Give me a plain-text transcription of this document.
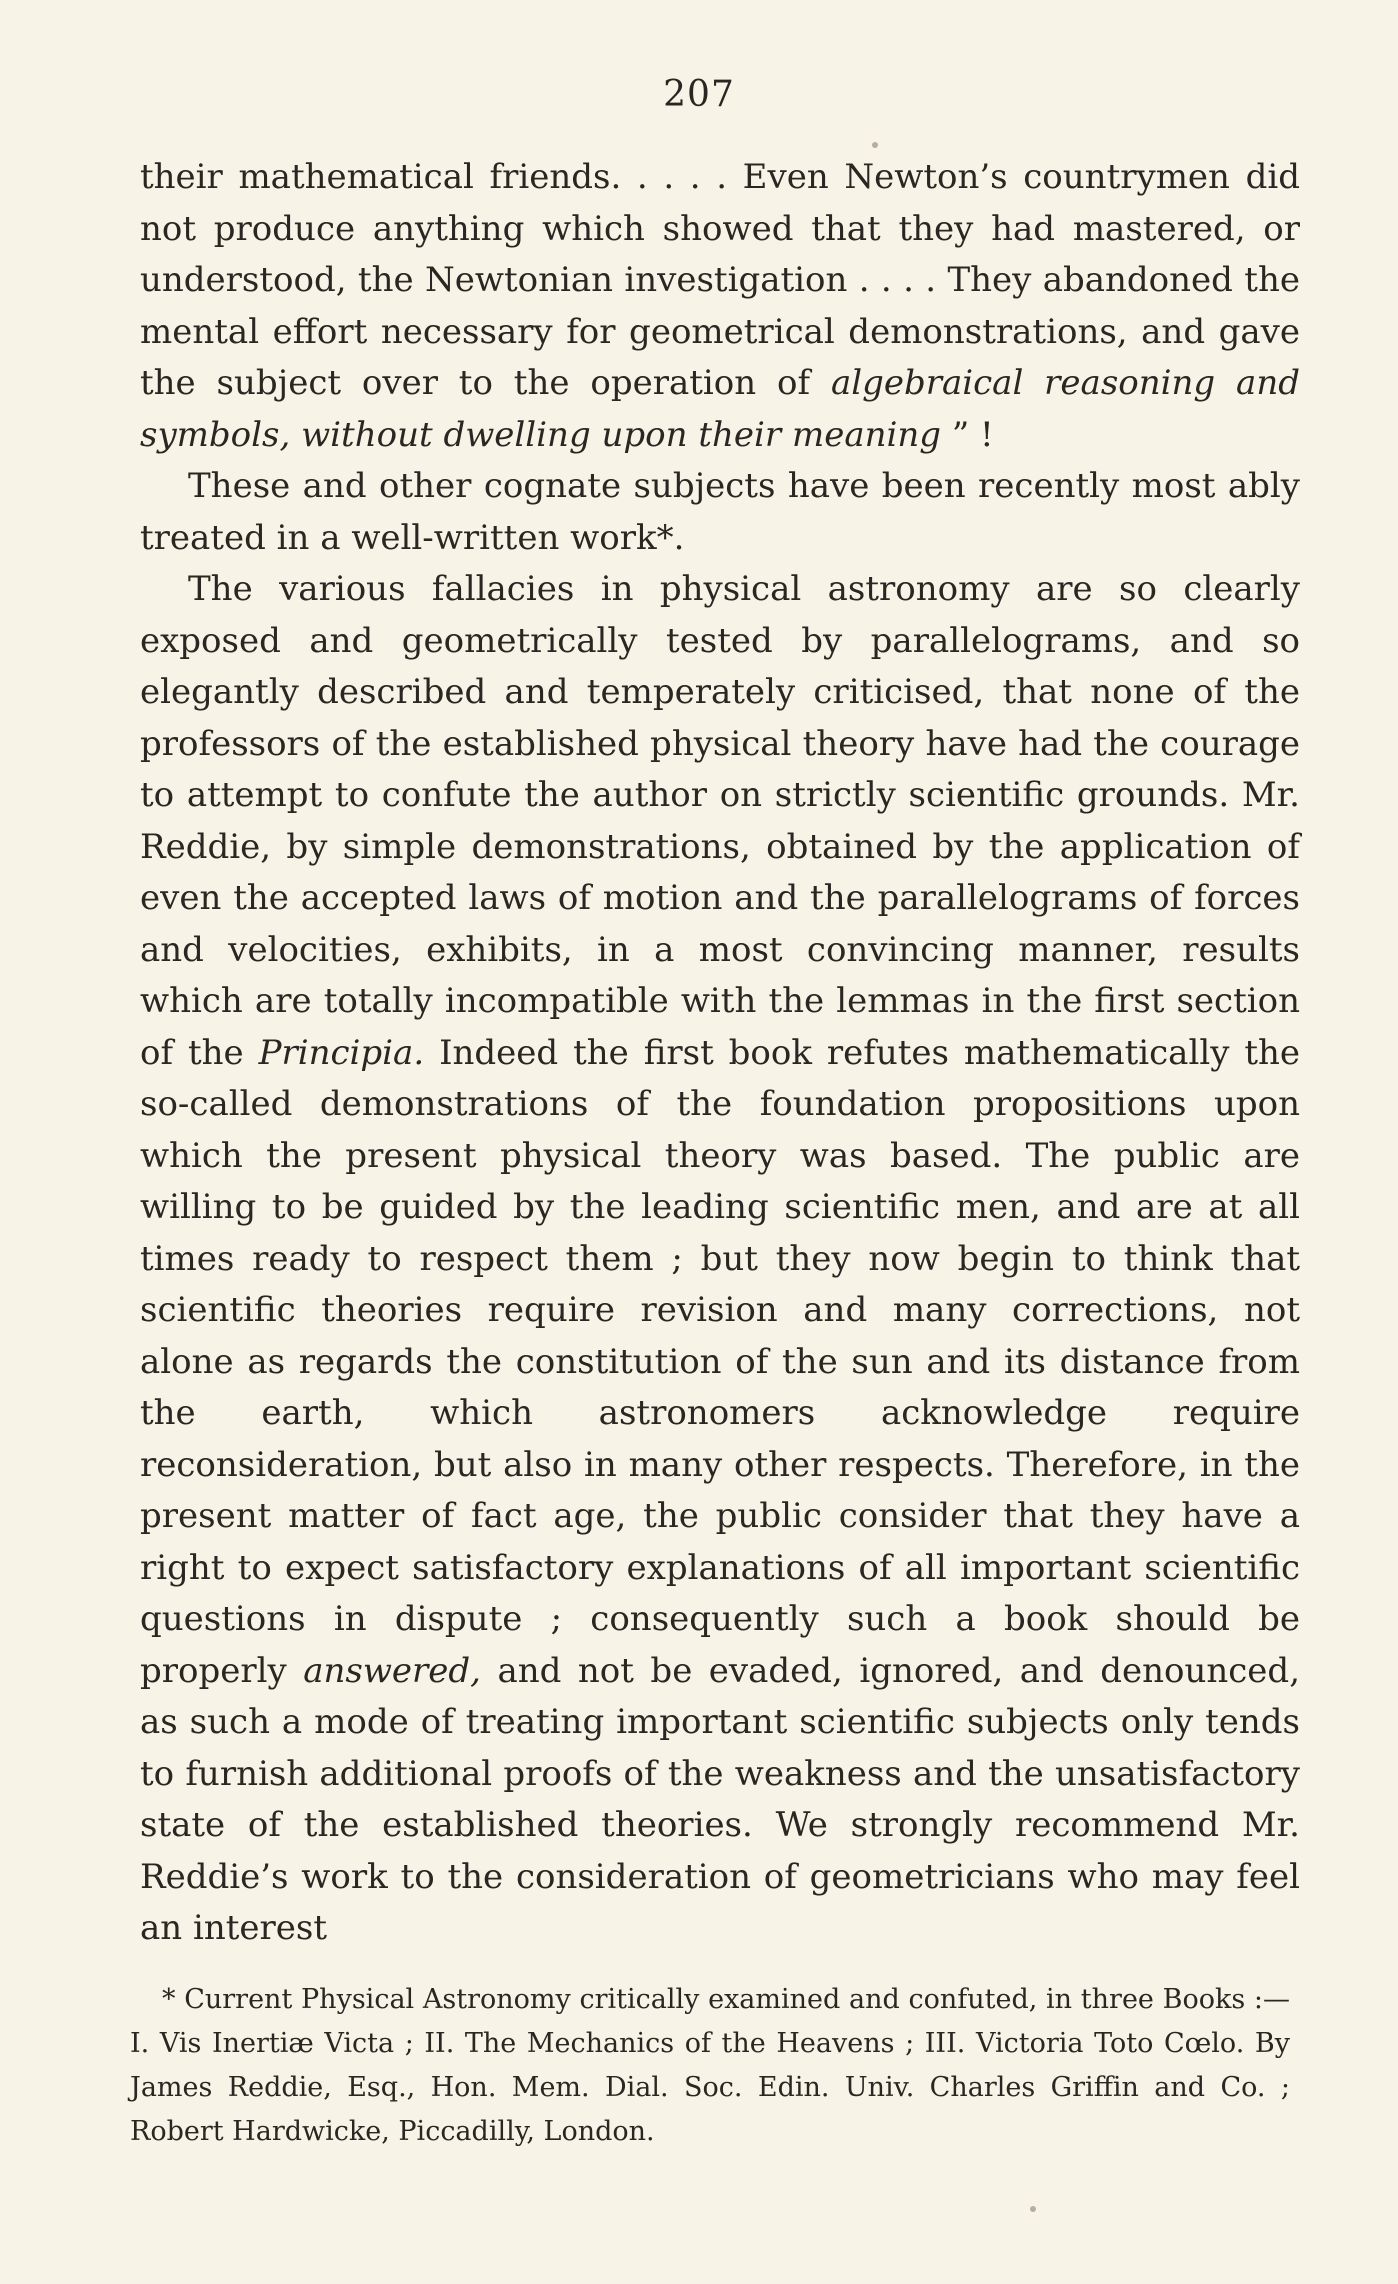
207

their mathematical friends. . . . . Even Newton’s countrymen did not produce anything which showed that they had mastered, or understood, the Newtonian investigation . . . . They abandoned the mental effort necessary for geometrical demonstrations, and gave the subject over to the operation of algebraical reasoning and symbols, without dwelling upon their meaning ” !

These and other cognate subjects have been recently most ably treated in a well-written work*.

The various fallacies in physical astronomy are so clearly exposed and geometrically tested by parallelograms, and so elegantly described and temperately criticised, that none of the professors of the established physical theory have had the courage to attempt to confute the author on strictly scientific grounds. Mr. Reddie, by simple demonstrations, obtained by the application of even the accepted laws of motion and the parallelograms of forces and velocities, exhibits, in a most convincing manner, results which are totally incompatible with the lemmas in the first section of the Principia. Indeed the first book refutes mathematically the so-called demonstrations of the foundation propositions upon which the present physical theory was based. The public are willing to be guided by the leading scientific men, and are at all times ready to respect them ; but they now begin to think that scientific theories require revision and many corrections, not alone as regards the constitution of the sun and its distance from the earth, which astronomers acknowledge require reconsideration, but also in many other respects. Therefore, in the present matter of fact age, the public consider that they have a right to expect satisfactory explanations of all important scientific questions in dispute ; consequently such a book should be properly answered, and not be evaded, ignored, and denounced, as such a mode of treating important scientific subjects only tends to furnish additional proofs of the weakness and the unsatisfactory state of the established theories. We strongly recommend Mr. Reddie’s work to the consideration of geometricians who may feel an interest

* Current Physical Astronomy critically examined and confuted, in three Books :—I. Vis Inertiæ Victa ; II. The Mechanics of the Heavens ; III. Victoria Toto Cœlo. By James Reddie, Esq., Hon. Mem. Dial. Soc. Edin. Univ. Charles Griffin and Co. ; Robert Hardwicke, Piccadilly, London.
